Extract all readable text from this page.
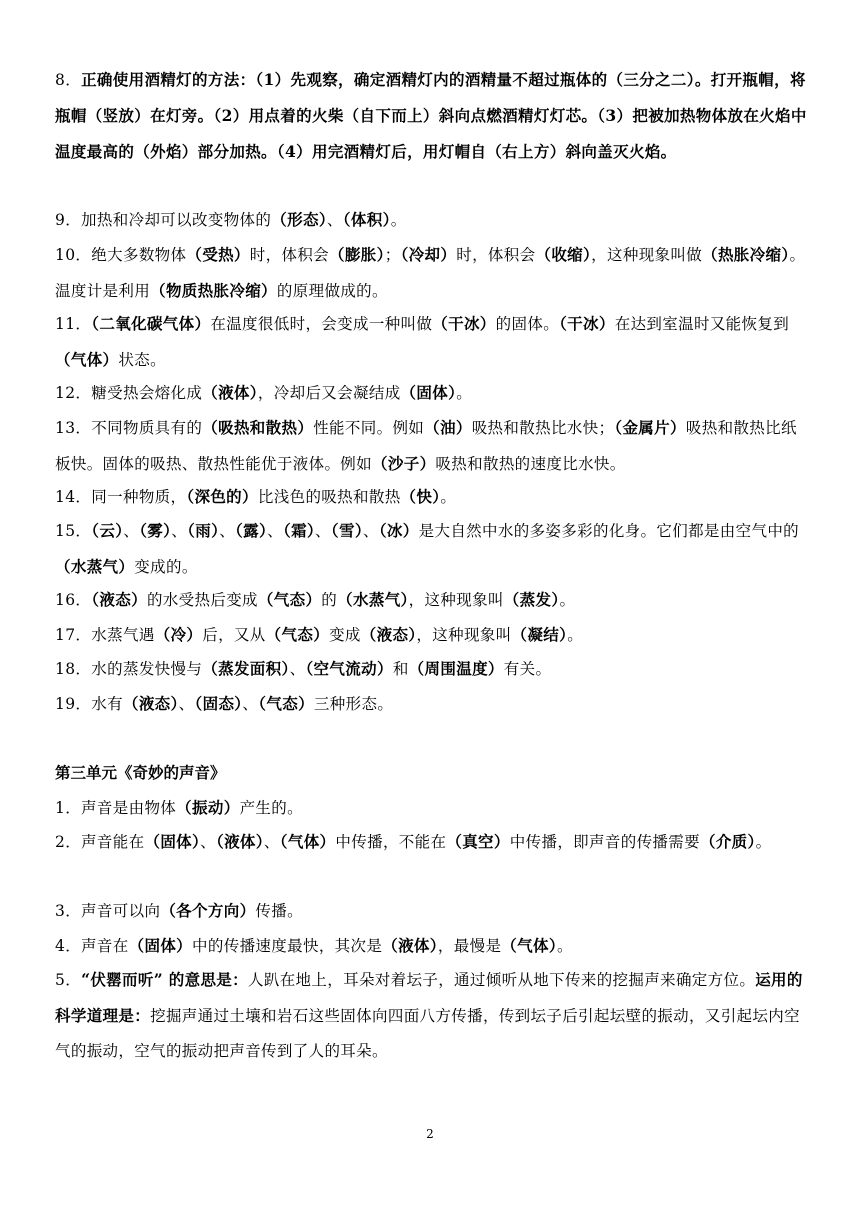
8．正确使用酒精灯的方法：（1）先观察，确定酒精灯内的酒精量不超过瓶体的（三分之二）。打开瓶帽，将瓶帽（竖放）在灯旁。（2）用点着的火柴（自下而上）斜向点燃酒精灯灯芯。（3）把被加热物体放在火焰中温度最高的（外焰）部分加热。（4）用完酒精灯后，用灯帽自（右上方）斜向盖灭火焰。
9．加热和冷却可以改变物体的（形态）、（体积）。
10．绝大多数物体（受热）时，体积会（膨胀）；（冷却）时，体积会（收缩），这种现象叫做（热胀冷缩）。温度计是利用（物质热胀冷缩）的原理做成的。
11．（二氧化碳气体）在温度很低时，会变成一种叫做（干冰）的固体。（干冰）在达到室温时又能恢复到（气体）状态。
12．糖受热会熔化成（液体），冷却后又会凝结成（固体）。
13．不同物质具有的（吸热和散热）性能不同。例如（油）吸热和散热比水快；（金属片）吸热和散热比纸板快。固体的吸热、散热性能优于液体。例如（沙子）吸热和散热的速度比水快。
14．同一种物质，（深色的）比浅色的吸热和散热（快）。
15．（云）、（雾）、（雨）、（露）、（霜）、（雪）、（冰）是大自然中水的多姿多彩的化身。它们都是由空气中的（水蒸气）变成的。
16．（液态）的水受热后变成（气态）的（水蒸气），这种现象叫（蒸发）。
17．水蒸气遇（冷）后，又从（气态）变成（液态），这种现象叫（凝结）。
18．水的蒸发快慢与（蒸发面积）、（空气流动）和（周围温度）有关。
19．水有（液态）、（固态）、（气态）三种形态。
第三单元《奇妙的声音》
1．声音是由物体（振动）产生的。
2．声音能在（固体）、（液体）、（气体）中传播，不能在（真空）中传播，即声音的传播需要（介质）。
3．声音可以向（各个方向）传播。
4．声音在（固体）中的传播速度最快，其次是（液体），最慢是（气体）。
5．“伏罂而听” 的意思是：人趴在地上，耳朵对着坛子，通过倾听从地下传来的挖掘声来确定方位。运用的科学道理是：挖掘声通过土壤和岩石这些固体向四面八方传播，传到坛子后引起坛壁的振动，又引起坛内空气的振动，空气的振动把声音传到了人的耳朵。
2
